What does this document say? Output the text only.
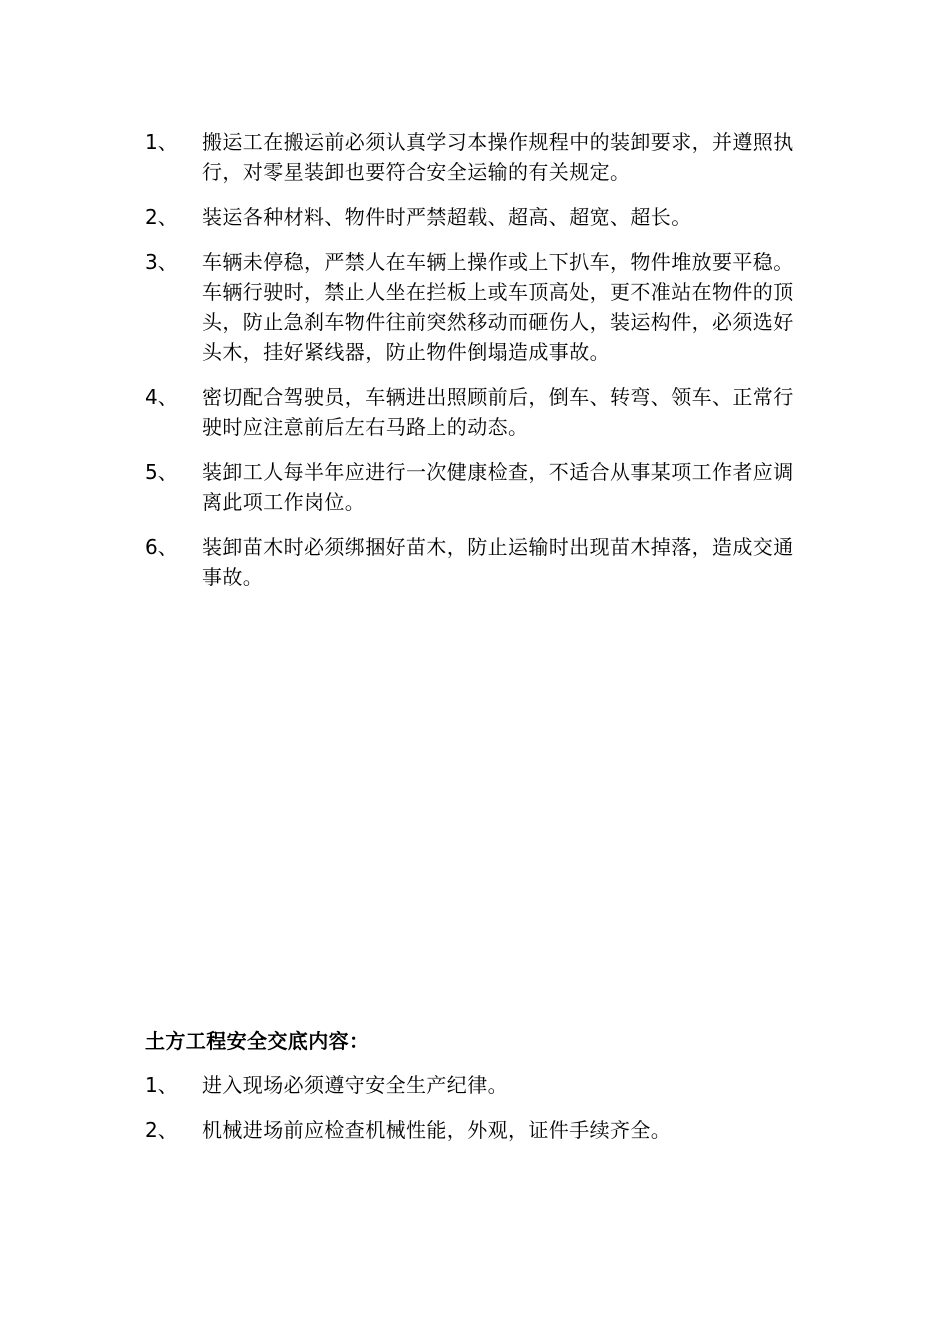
1、	搬运工在搬运前必须认真学习本操作规程中的装卸要求，并遵照执行，对零星装卸也要符合安全运输的有关规定。
2、	装运各种材料、物件时严禁超载、超高、超宽、超长。
3、	车辆未停稳，严禁人在车辆上操作或上下扒车，物件堆放要平稳。车辆行驶时，禁止人坐在拦板上或车顶高处，更不准站在物件的顶头，防止急刹车物件往前突然移动而砸伤人，装运构件，必须选好头木，挂好紧线器，防止物件倒塌造成事故。
4、	密切配合驾驶员，车辆进出照顾前后，倒车、转弯、领车、正常行驶时应注意前后左右马路上的动态。
5、	装卸工人每半年应进行一次健康检查，不适合从事某项工作者应调离此项工作岗位。
6、	装卸苗木时必须绑捆好苗木，防止运输时出现苗木掉落，造成交通事故。
土方工程安全交底内容：
1、	进入现场必须遵守安全生产纪律。
2、	机械进场前应检查机械性能，外观，证件手续齐全。
